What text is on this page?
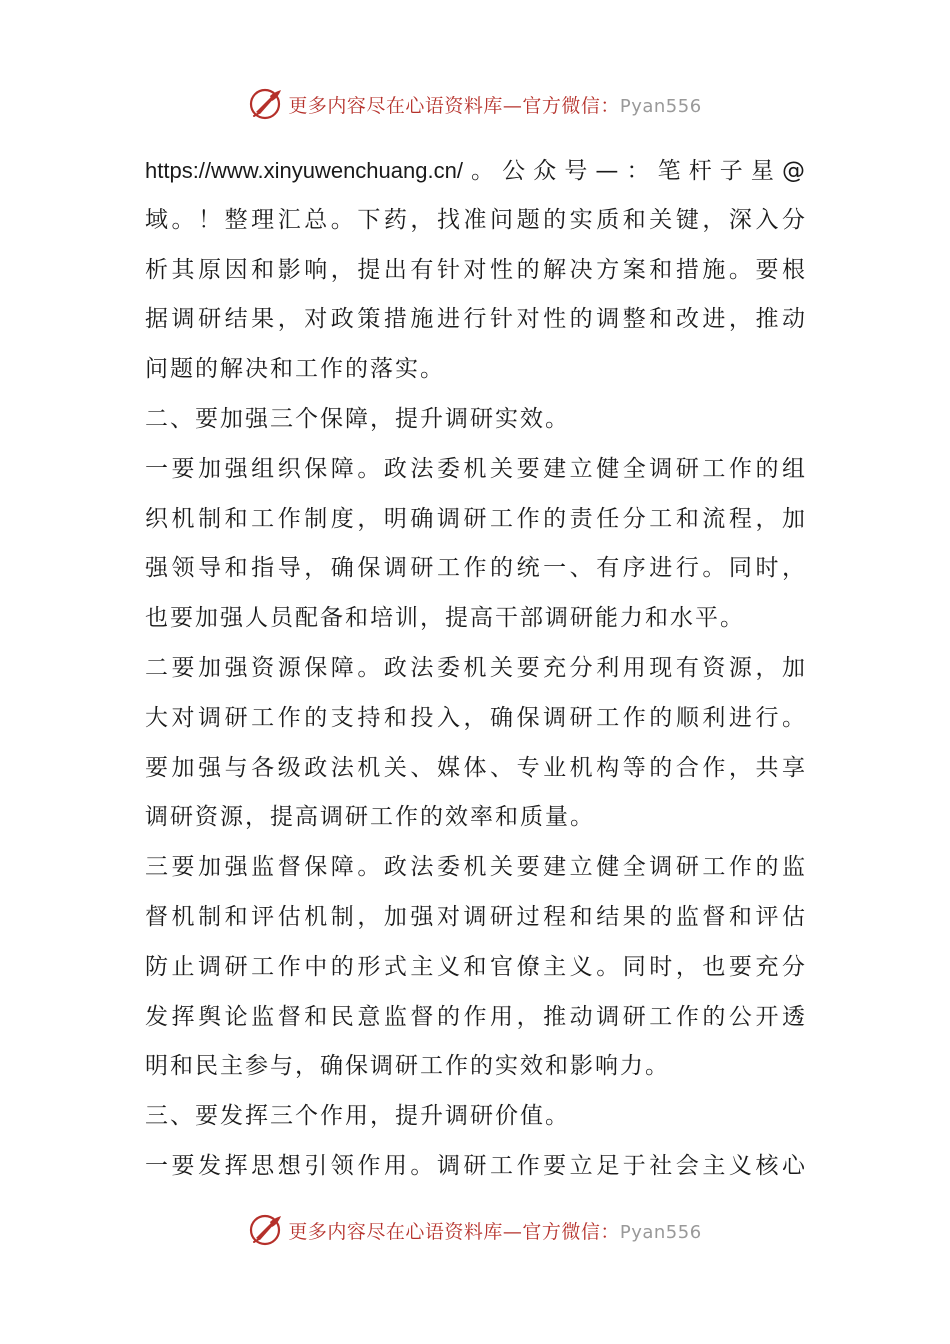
更多内容尽在心语资料库—官方微信：Pyan556
https://www.xinyuwenchuang.cn/。公众号—：笔杆子星@
域。！整理汇总。下药，找准问题的实质和关键，深入分
析其原因和影响，提出有针对性的解决方案和措施。要根
据调研结果，对政策措施进行针对性的调整和改进，推动
问题的解决和工作的落实。
二、要加强三个保障，提升调研实效。
一要加强组织保障。政法委机关要建立健全调研工作的组
织机制和工作制度，明确调研工作的责任分工和流程，加
强领导和指导，确保调研工作的统一、有序进行。同时，
也要加强人员配备和培训，提高干部调研能力和水平。
二要加强资源保障。政法委机关要充分利用现有资源，加
大对调研工作的支持和投入，确保调研工作的顺利进行。
要加强与各级政法机关、媒体、专业机构等的合作，共享
调研资源，提高调研工作的效率和质量。
三要加强监督保障。政法委机关要建立健全调研工作的监
督机制和评估机制，加强对调研过程和结果的监督和评估
防止调研工作中的形式主义和官僚主义。同时，也要充分
发挥舆论监督和民意监督的作用，推动调研工作的公开透
明和民主参与，确保调研工作的实效和影响力。
三、要发挥三个作用，提升调研价值。
一要发挥思想引领作用。调研工作要立足于社会主义核心
更多内容尽在心语资料库—官方微信：Pyan556
